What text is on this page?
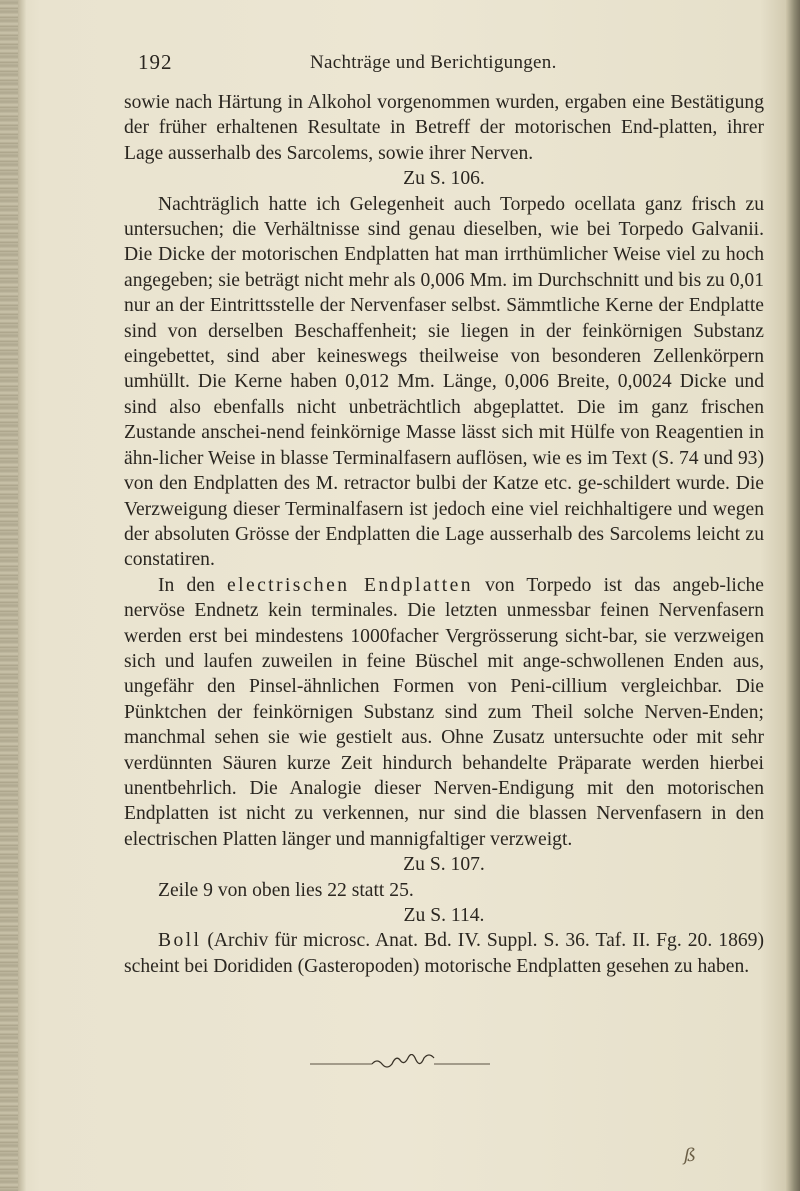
192	Nachträge und Berichtigungen.

sowie nach Härtung in Alkohol vorgenommen wurden, ergaben eine Bestätigung der früher erhaltenen Resultate in Betreff der motorischen End-platten, ihrer Lage ausserhalb des Sarcolems, sowie ihrer Nerven.

Zu S. 106.

Nachträglich hatte ich Gelegenheit auch Torpedo ocellata ganz frisch zu untersuchen; die Verhältnisse sind genau dieselben, wie bei Torpedo Galvanii. Die Dicke der motorischen Endplatten hat man irrthümlicher Weise viel zu hoch angegeben; sie beträgt nicht mehr als 0,006 Mm. im Durchschnitt und bis zu 0,01 nur an der Eintrittsstelle der Nervenfaser selbst. Sämmtliche Kerne der Endplatte sind von derselben Beschaffenheit; sie liegen in der feinkörnigen Substanz eingebettet, sind aber keineswegs theilweise von besonderen Zellenkörpern umhüllt. Die Kerne haben 0,012 Mm. Länge, 0,006 Breite, 0,0024 Dicke und sind also ebenfalls nicht unbeträchtlich abgeplattet. Die im ganz frischen Zustande anschei-nend feinkörnige Masse lässt sich mit Hülfe von Reagentien in ähn-licher Weise in blasse Terminalfasern auflösen, wie es im Text (S. 74 und 93) von den Endplatten des M. retractor bulbi der Katze etc. ge-schildert wurde. Die Verzweigung dieser Terminalfasern ist jedoch eine viel reichhaltigere und wegen der absoluten Grösse der Endplatten die Lage ausserhalb des Sarcolems leicht zu constatiren.

In den electrischen Endplatten von Torpedo ist das angeb-liche nervöse Endnetz kein terminales. Die letzten unmessbar feinen Nervenfasern werden erst bei mindestens 1000facher Vergrösserung sicht-bar, sie verzweigen sich und laufen zuweilen in feine Büschel mit ange-schwollenen Enden aus, ungefähr den Pinsel-ähnlichen Formen von Peni-cillium vergleichbar. Die Pünktchen der feinkörnigen Substanz sind zum Theil solche Nerven-Enden; manchmal sehen sie wie gestielt aus. Ohne Zusatz untersuchte oder mit sehr verdünnten Säuren kurze Zeit hindurch behandelte Präparate werden hierbei unentbehrlich. Die Analogie dieser Nerven-Endigung mit den motorischen Endplatten ist nicht zu verkennen, nur sind die blassen Nervenfasern in den electrischen Platten länger und mannigfaltiger verzweigt.

Zu S. 107.

Zeile 9 von oben lies 22 statt 25.

Zu S. 114.

Boll (Archiv für microsc. Anat. Bd. IV. Suppl. S. 36. Taf. II. Fg. 20. 1869) scheint bei Dorididen (Gasteropoden) motorische Endplatten gesehen zu haben.

ß
